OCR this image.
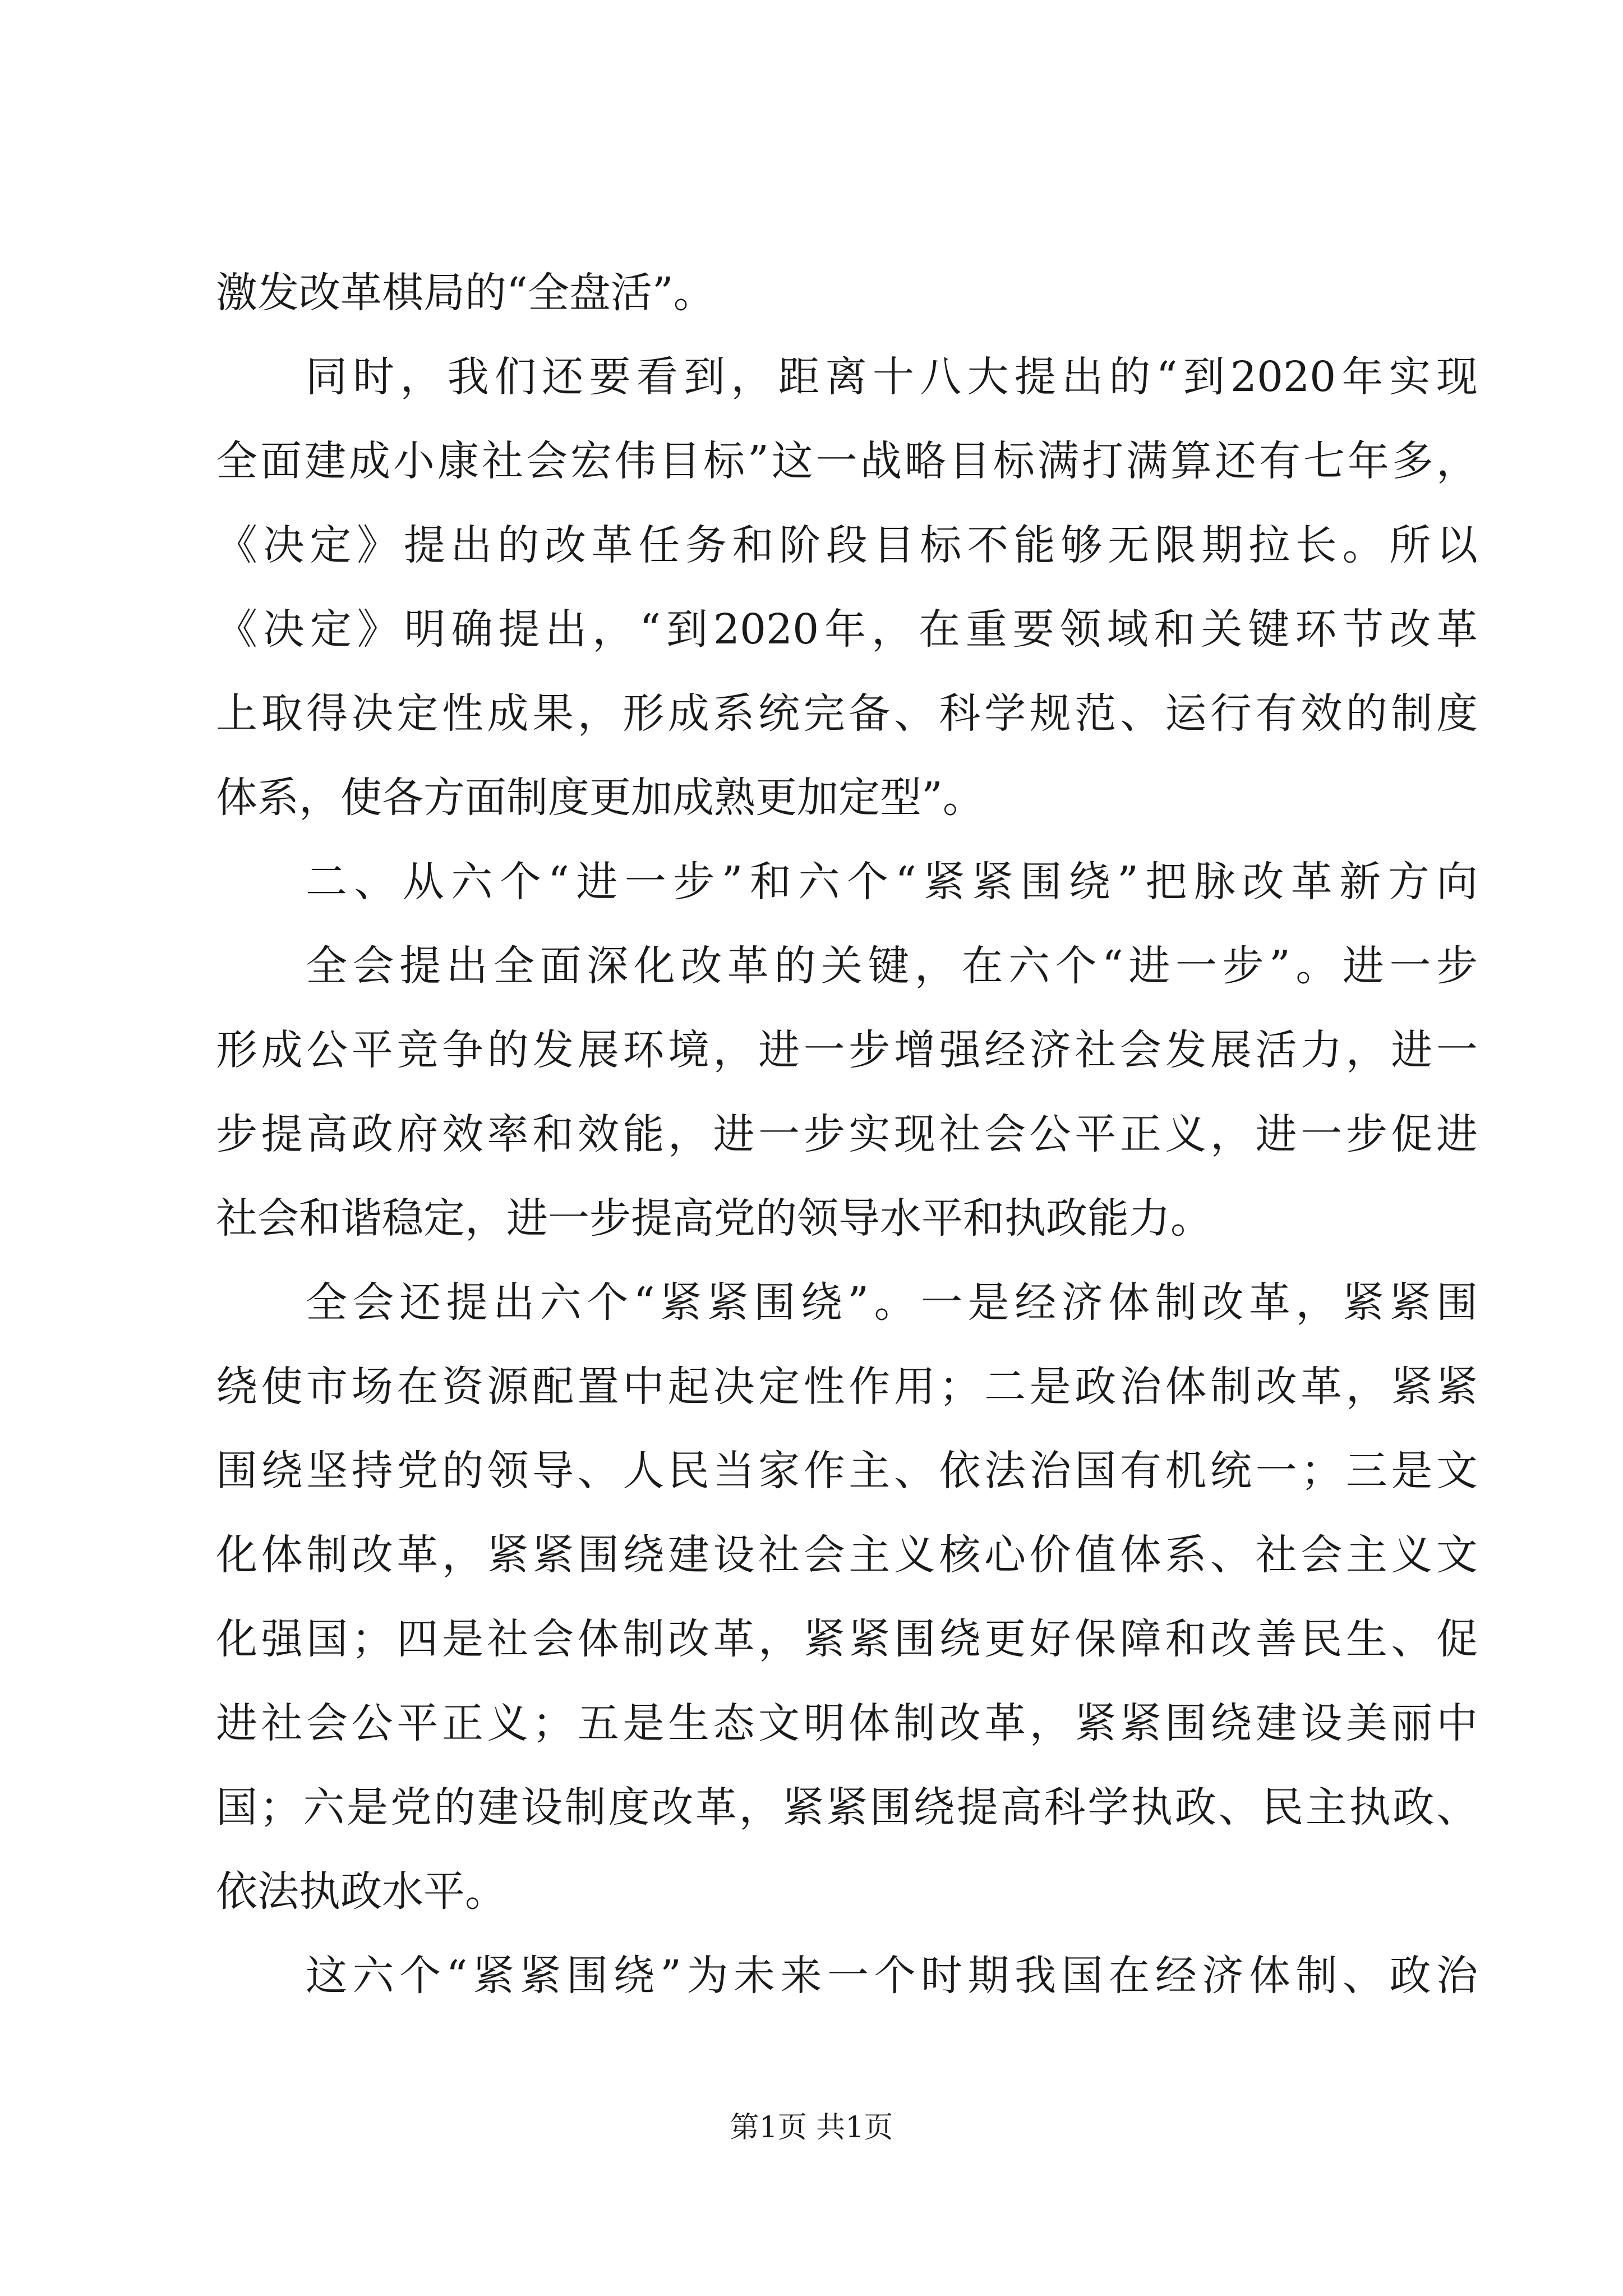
激发改革棋局的“全盘活”。
同时，我们还要看到，距离十八大提出的“到2020年实现
全面建成小康社会宏伟目标”这一战略目标满打满算还有七年多，
《决定》提出的改革任务和阶段目标不能够无限期拉长。所以
《决定》明确提出，“到2020年，在重要领域和关键环节改革
上取得决定性成果，形成系统完备、科学规范、运行有效的制度
体系，使各方面制度更加成熟更加定型”。
二、从六个“进一步”和六个“紧紧围绕”把脉改革新方向
全会提出全面深化改革的关键，在六个“进一步”。进一步
形成公平竞争的发展环境，进一步增强经济社会发展活力，进一
步提高政府效率和效能，进一步实现社会公平正义，进一步促进
社会和谐稳定，进一步提高党的领导水平和执政能力。
全会还提出六个“紧紧围绕”。一是经济体制改革，紧紧围
绕使市场在资源配置中起决定性作用；二是政治体制改革，紧紧
围绕坚持党的领导、人民当家作主、依法治国有机统一；三是文
化体制改革，紧紧围绕建设社会主义核心价值体系、社会主义文
化强国；四是社会体制改革，紧紧围绕更好保障和改善民生、促
进社会公平正义；五是生态文明体制改革，紧紧围绕建设美丽中
国；六是党的建设制度改革，紧紧围绕提高科学执政、民主执政、
依法执政水平。
这六个“紧紧围绕”为未来一个时期我国在经济体制、政治
第1页 共1页
